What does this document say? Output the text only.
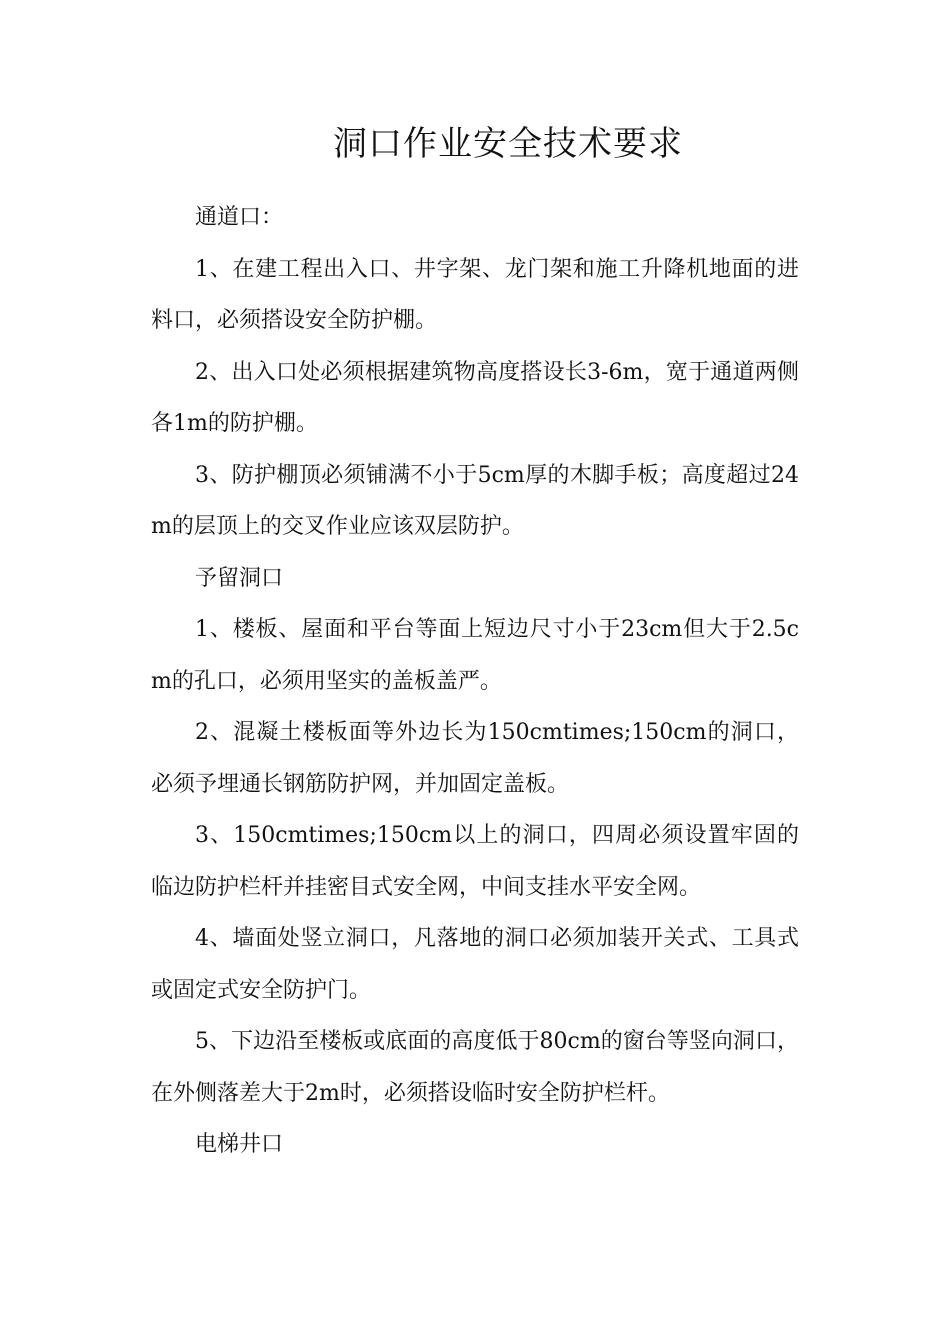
洞口作业安全技术要求

通道口：

1、在建工程出入口、井字架、龙门架和施工升降机地面的进料口，必须搭设安全防护棚。

2、出入口处必须根据建筑物高度搭设长3-6m，宽于通道两侧各1m的防护棚。

3、防护棚顶必须铺满不小于5cm厚的木脚手板；高度超过24m的层顶上的交叉作业应该双层防护。

予留洞口

1、楼板、屋面和平台等面上短边尺寸小于23cm但大于2.5cm的孔口，必须用坚实的盖板盖严。

2、混凝土楼板面等外边长为150cmtimes;150cm的洞口，必须予埋通长钢筋防护网，并加固定盖板。

3、150cmtimes;150cm以上的洞口，四周必须设置牢固的临边防护栏杆并挂密目式安全网，中间支挂水平安全网。

4、墙面处竖立洞口，凡落地的洞口必须加装开关式、工具式或固定式安全防护门。

5、下边沿至楼板或底面的高度低于80cm的窗台等竖向洞口，在外侧落差大于2m时，必须搭设临时安全防护栏杆。

电梯井口
